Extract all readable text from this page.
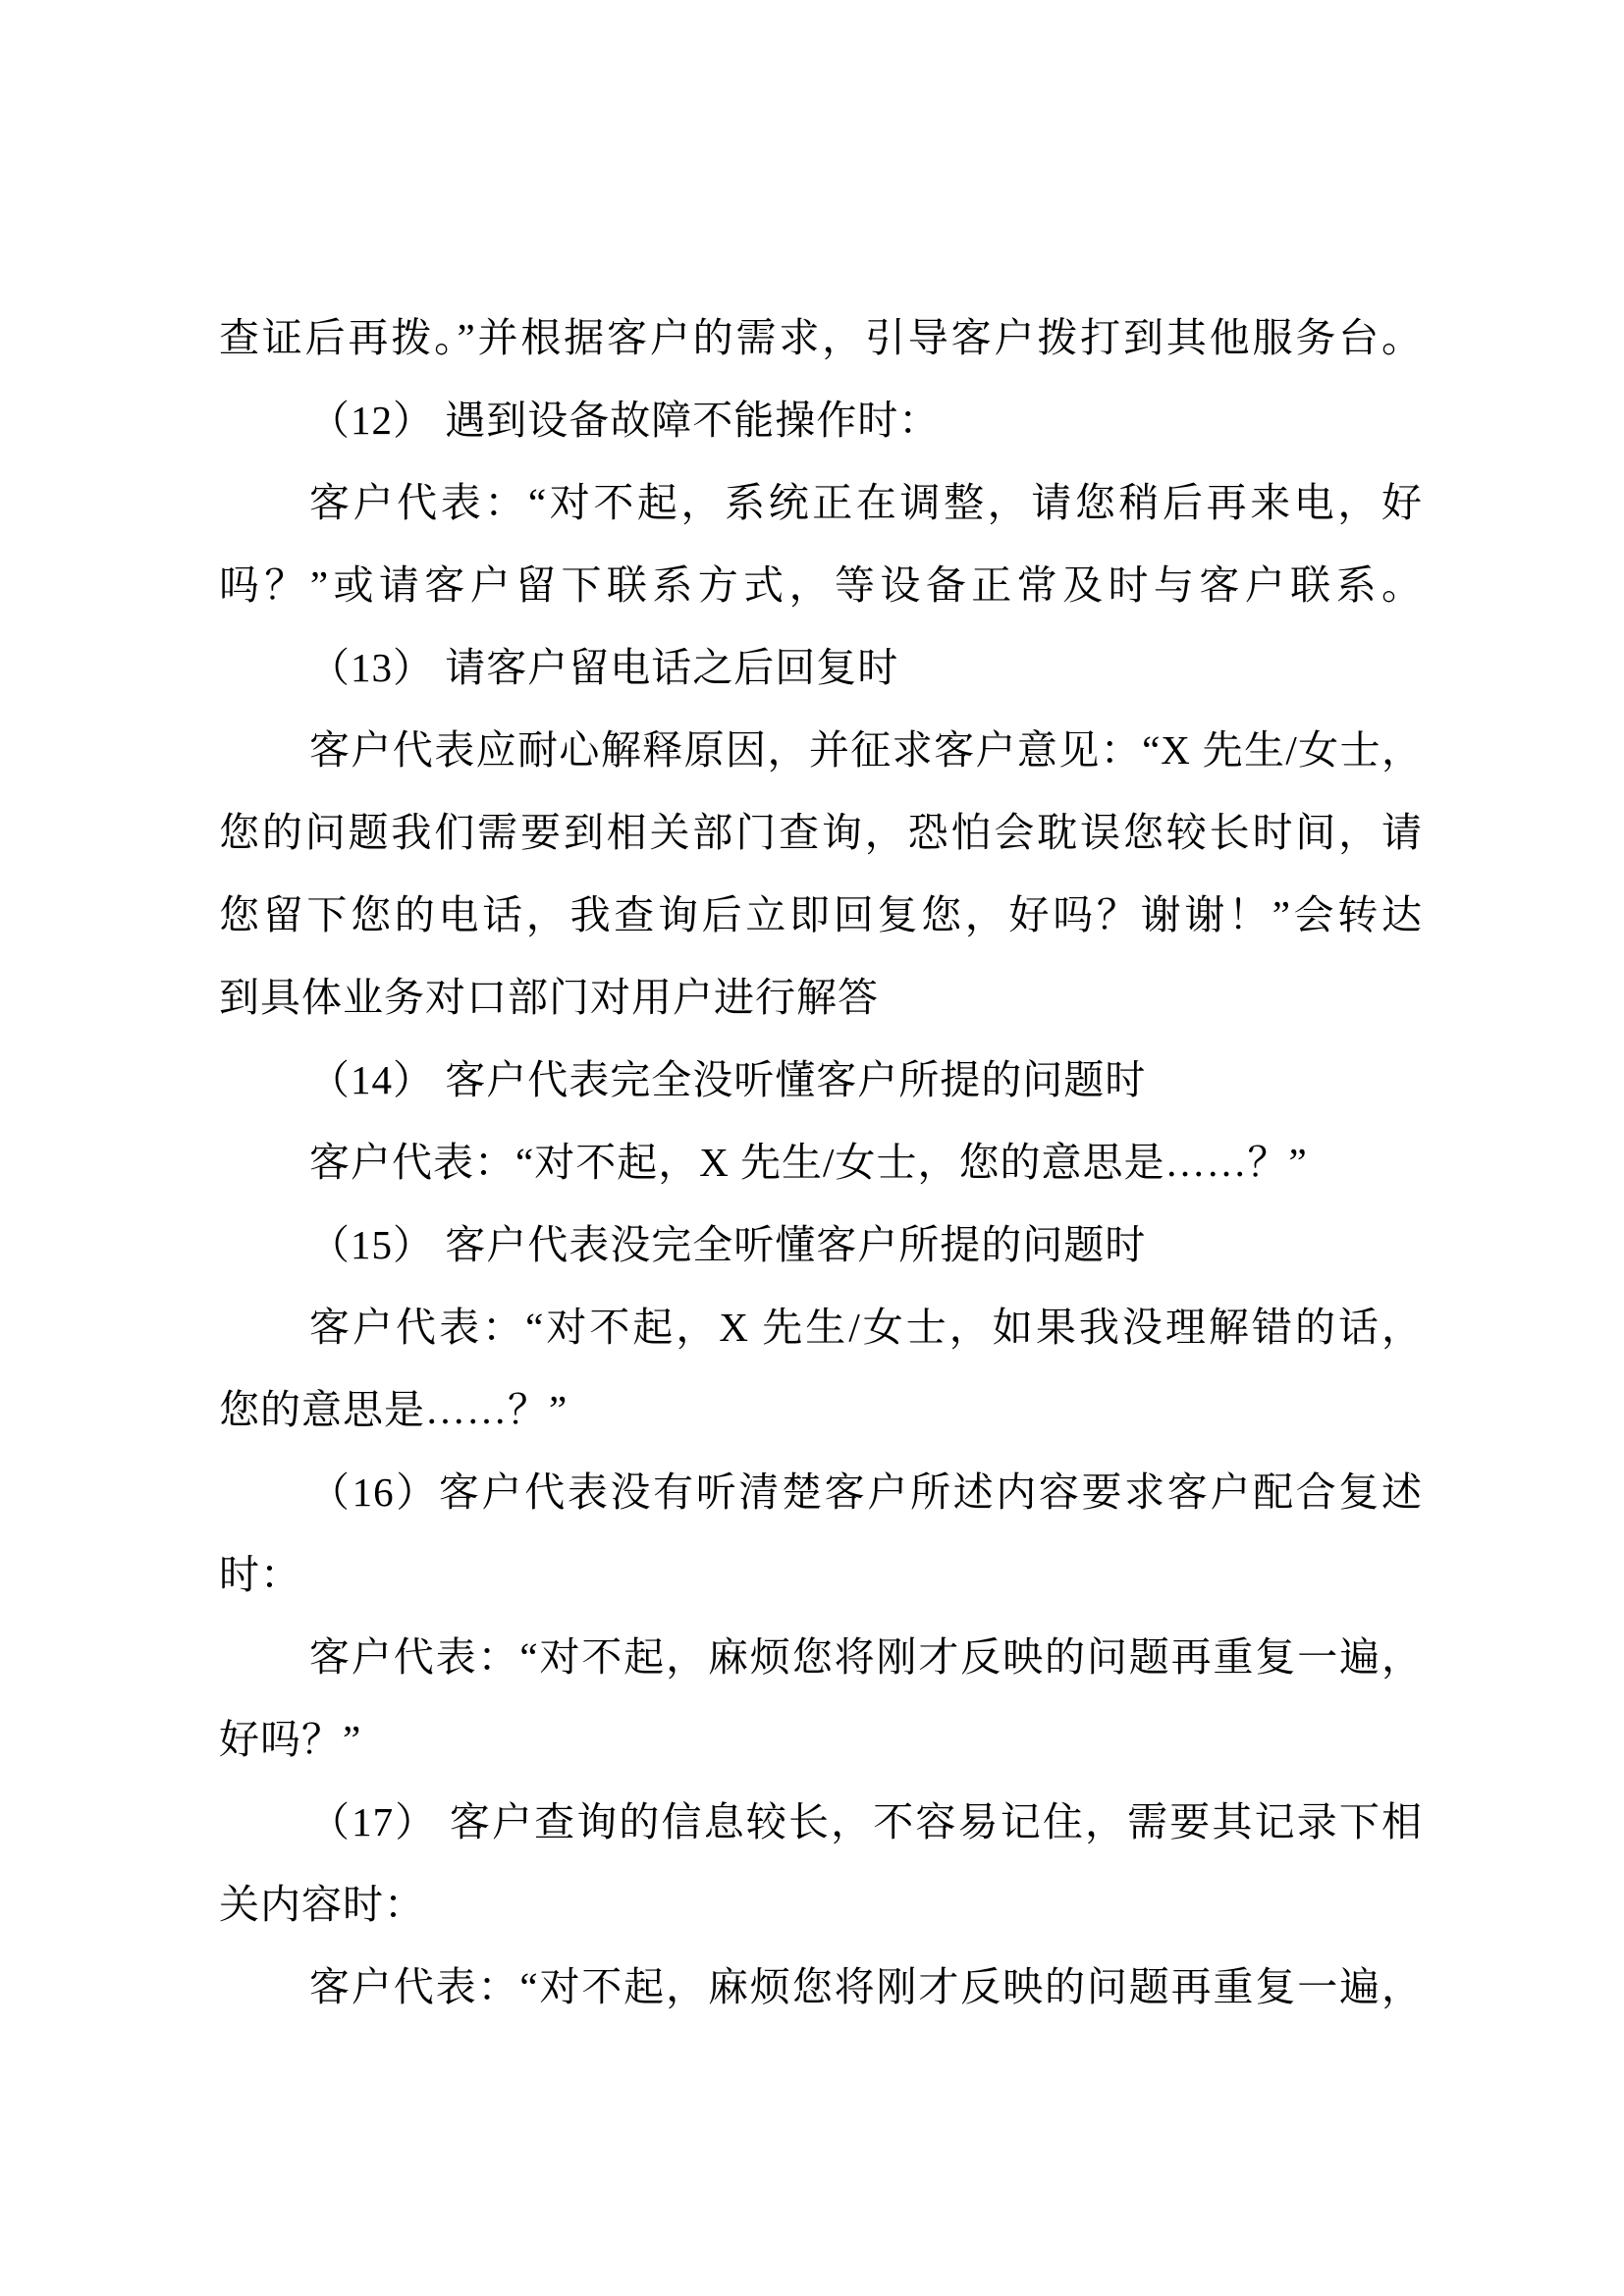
查证后再拨。”并根据客户的需求，引导客户拨打到其他服务台。
（12） 遇到设备故障不能操作时：
客户代表：“对不起，系统正在调整，请您稍后再来电，好
吗？”或请客户留下联系方式，等设备正常及时与客户联系。
（13） 请客户留电话之后回复时
客户代表应耐心解释原因，并征求客户意见：“X 先生/女士，
您的问题我们需要到相关部门查询，恐怕会耽误您较长时间，请
您留下您的电话，我查询后立即回复您，好吗？谢谢！”会转达
到具体业务对口部门对用户进行解答
（14） 客户代表完全没听懂客户所提的问题时
客户代表：“对不起，X 先生/女士，您的意思是……？”
（15） 客户代表没完全听懂客户所提的问题时
客户代表：“对不起，X 先生/女士，如果我没理解错的话，
您的意思是……？”
（16）客户代表没有听清楚客户所述内容要求客户配合复述
时：
客户代表：“对不起，麻烦您将刚才反映的问题再重复一遍，
好吗？”
（17） 客户查询的信息较长，不容易记住，需要其记录下相
关内容时：
客户代表：“对不起，麻烦您将刚才反映的问题再重复一遍，
